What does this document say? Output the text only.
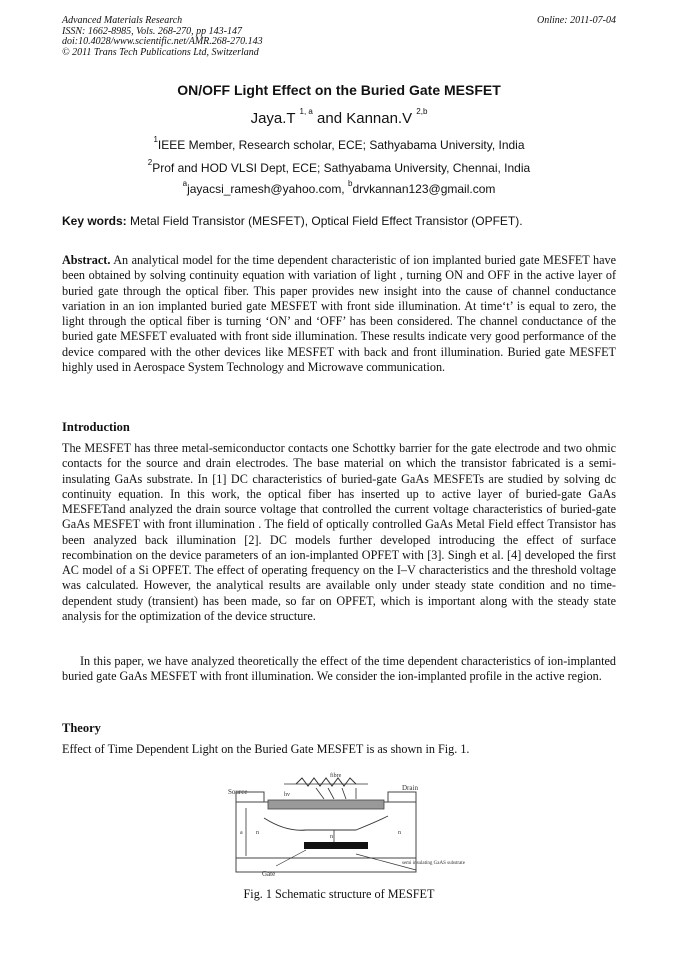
Advanced Materials Research
ISSN: 1662-8985, Vols. 268-270, pp 143-147
doi:10.4028/www.scientific.net/AMR.268-270.143
© 2011 Trans Tech Publications Ltd, Switzerland
Online: 2011-07-04
ON/OFF Light Effect on the Buried Gate MESFET
Jaya.T $^{1, a}$ and Kannan.V $^{2,b}$
$^1$IEEE Member, Research scholar, ECE; Sathyabama University, India
$^2$Prof and HOD VLSI Dept, ECE; Sathyabama University, Chennai, India
$^a$jayacsi_ramesh@yahoo.com, $^b$drvkannan123@gmail.com
Key words: Metal Field Transistor (MESFET), Optical Field Effect Transistor (OPFET).

Abstract. An analytical model for the time dependent characteristic of ion implanted buried gate MESFET have been obtained by solving continuity equation with variation of light , turning ON and OFF in the active layer of buried gate through the optical fiber. This paper provides new insight into the cause of channel conductance variation in an ion implanted buried gate MESFET with front side illumination. At time‘t’ is equal to zero, the light through the optical fiber is turning ‘ON’ and ‘OFF’ has been considered. The channel conductance of the buried gate MESFET evaluated with front side illumination. These results indicate very good performance of the device compared with the other devices like MESFET with back and front illumination. Buried gate MESFET highly used in Aerospace System Technology and Microwave communication.

Introduction

The MESFET has three metal-semiconductor contacts one Schottky barrier for the gate electrode and two ohmic contacts for the source and drain electrodes. The base material on which the transistor fabricated is a semi-insulating GaAs substrate. In [1] DC characteristics of buried-gate GaAs MESFETs are studied by solving dc continuity equation. In this work, the optical fiber has inserted up to active layer of buried-gate GaAs MESFETand analyzed the drain source voltage that controlled the current voltage characteristics of buried-gate GaAs MESFET with front illumination . The field of optically controlled GaAs Metal Field effect Transistor has been analyzed back illumination [2]. DC models further developed introducing the effect of surface recombination on the device parameters of an ion-implanted OPFET with [3]. Singh et al. [4] developed the first AC model of a Si OPFET. The effect of operating frequency on the I–V characteristics and the threshold voltage was calculated. However, the analytical results are available only under steady state condition and no time-dependent study (transient) has been made, so far on OPFET, which is important along with the steady state analysis for the optimization of the device structure.

In this paper, we have analyzed theoretically the effect of the time dependent characteristics of ion-implanted buried gate GaAs MESFET with front illumination. We consider the ion-implanted profile in the active region.

Theory

Effect of Time Dependent Light on the Buried Gate MESFET is as shown in Fig. 1.

Source	Drain
fibre
hv
a n
n
n
Gate
semi insulating GaAS substrate
Fig. 1 Schematic structure of MESFET
